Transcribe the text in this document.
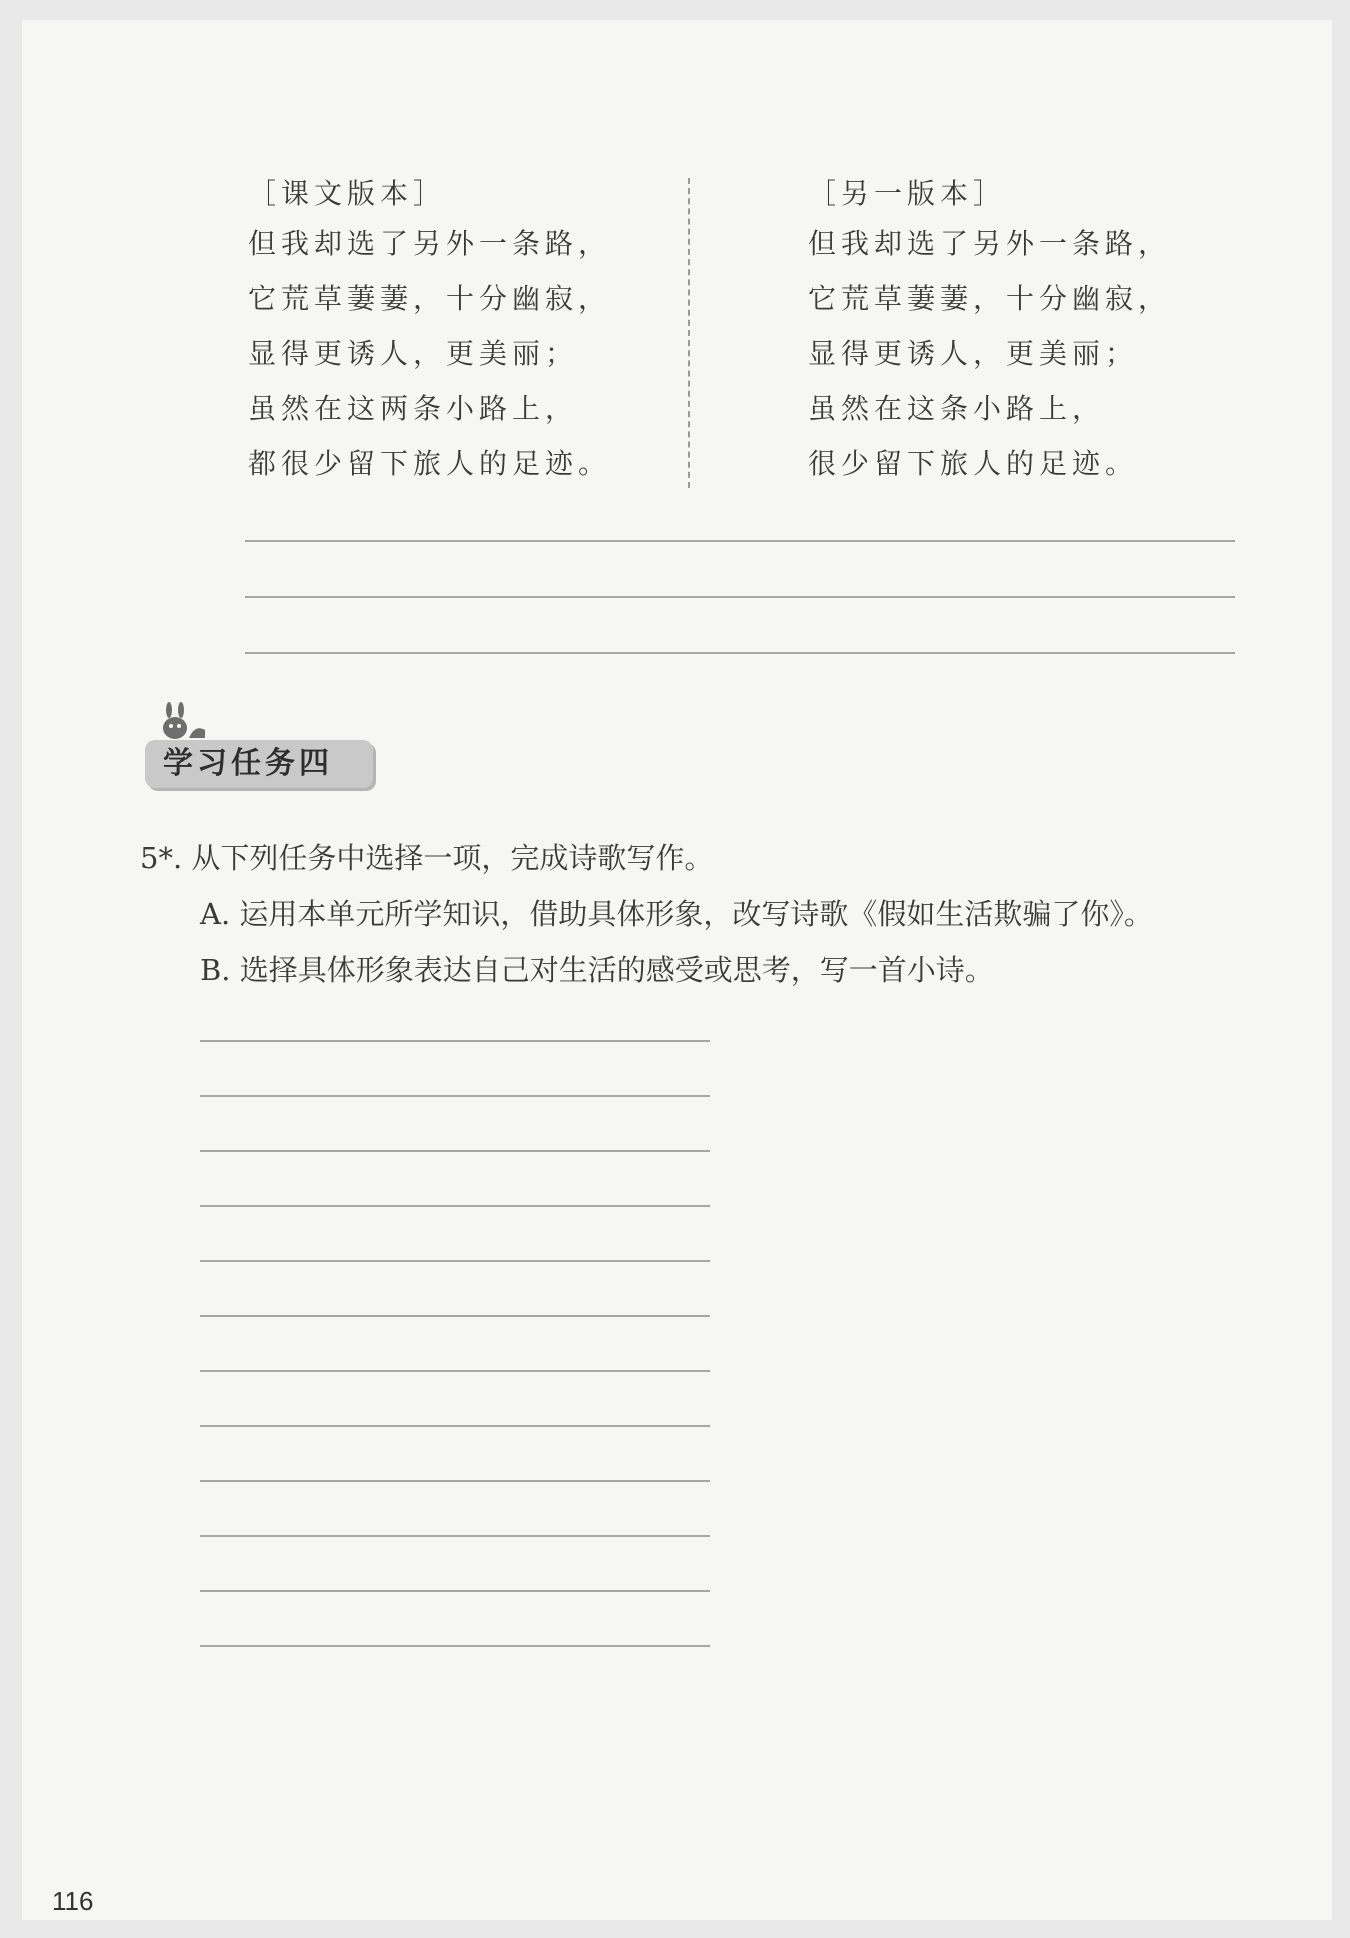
［课文版本］
但我却选了另外一条路，
它荒草萋萋，十分幽寂，
显得更诱人，更美丽；
虽然在这两条小路上，
都很少留下旅人的足迹。
［另一版本］
但我却选了另外一条路，
它荒草萋萋，十分幽寂，
显得更诱人，更美丽；
虽然在这条小路上，
很少留下旅人的足迹。
学习任务四
5*. 从下列任务中选择一项，完成诗歌写作。
A. 运用本单元所学知识，借助具体形象，改写诗歌《假如生活欺骗了你》。
B. 选择具体形象表达自己对生活的感受或思考，写一首小诗。
116
